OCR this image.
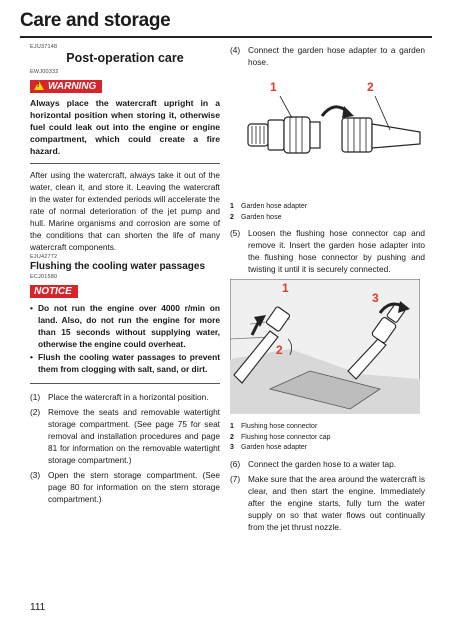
Care and storage
EJU37148
Post-operation care
EWJ00332
! WARNING
Always place the watercraft upright in a horizontal position when storing it, otherwise fuel could leak out into the engine or engine compartment, which could create a fire hazard.

After using the watercraft, always take it out of the water, clean it, and store it. Leaving the watercraft in the water for extended periods will accelerate the rate of normal deterioration of the jet pump and hull. Marine organisms and corrosion are some of the conditions that can shorten the life of many watercraft components.

EJU42772
Flushing the cooling water passages
ECJ01580
NOTICE
• Do not run the engine over 4000 r/min on land. Also, do not run the engine for more than 15 seconds without supplying water, otherwise the engine could overheat.
• Flush the cooling water passages to prevent them from clogging with salt, sand, or dirt.
(1) Place the watercraft in a horizontal position.
(2) Remove the seats and removable watertight storage compartment. (See page 75 for seat removal and installation procedures and page 81 for information on the removable watertight storage compartment.)
(3) Open the stern storage compartment. (See page 80 for information on the stern storage compartment.)
(4) Connect the garden hose adapter to a garden hose.
1	2
1 Garden hose adapter
2 Garden hose
(5) Loosen the flushing hose connector cap and remove it. Insert the garden hose adapter into the flushing hose connector by pushing and twisting it until it is securely connected.
1
2
3
1 Flushing hose connector
2 Flushing hose connector cap
3 Garden hose adapter
(6) Connect the garden hose to a water tap.
(7) Make sure that the area around the watercraft is clear, and then start the engine. Immediately after the engine starts, fully turn the water supply on so that water flows out continually from the jet thrust nozzle.
111
